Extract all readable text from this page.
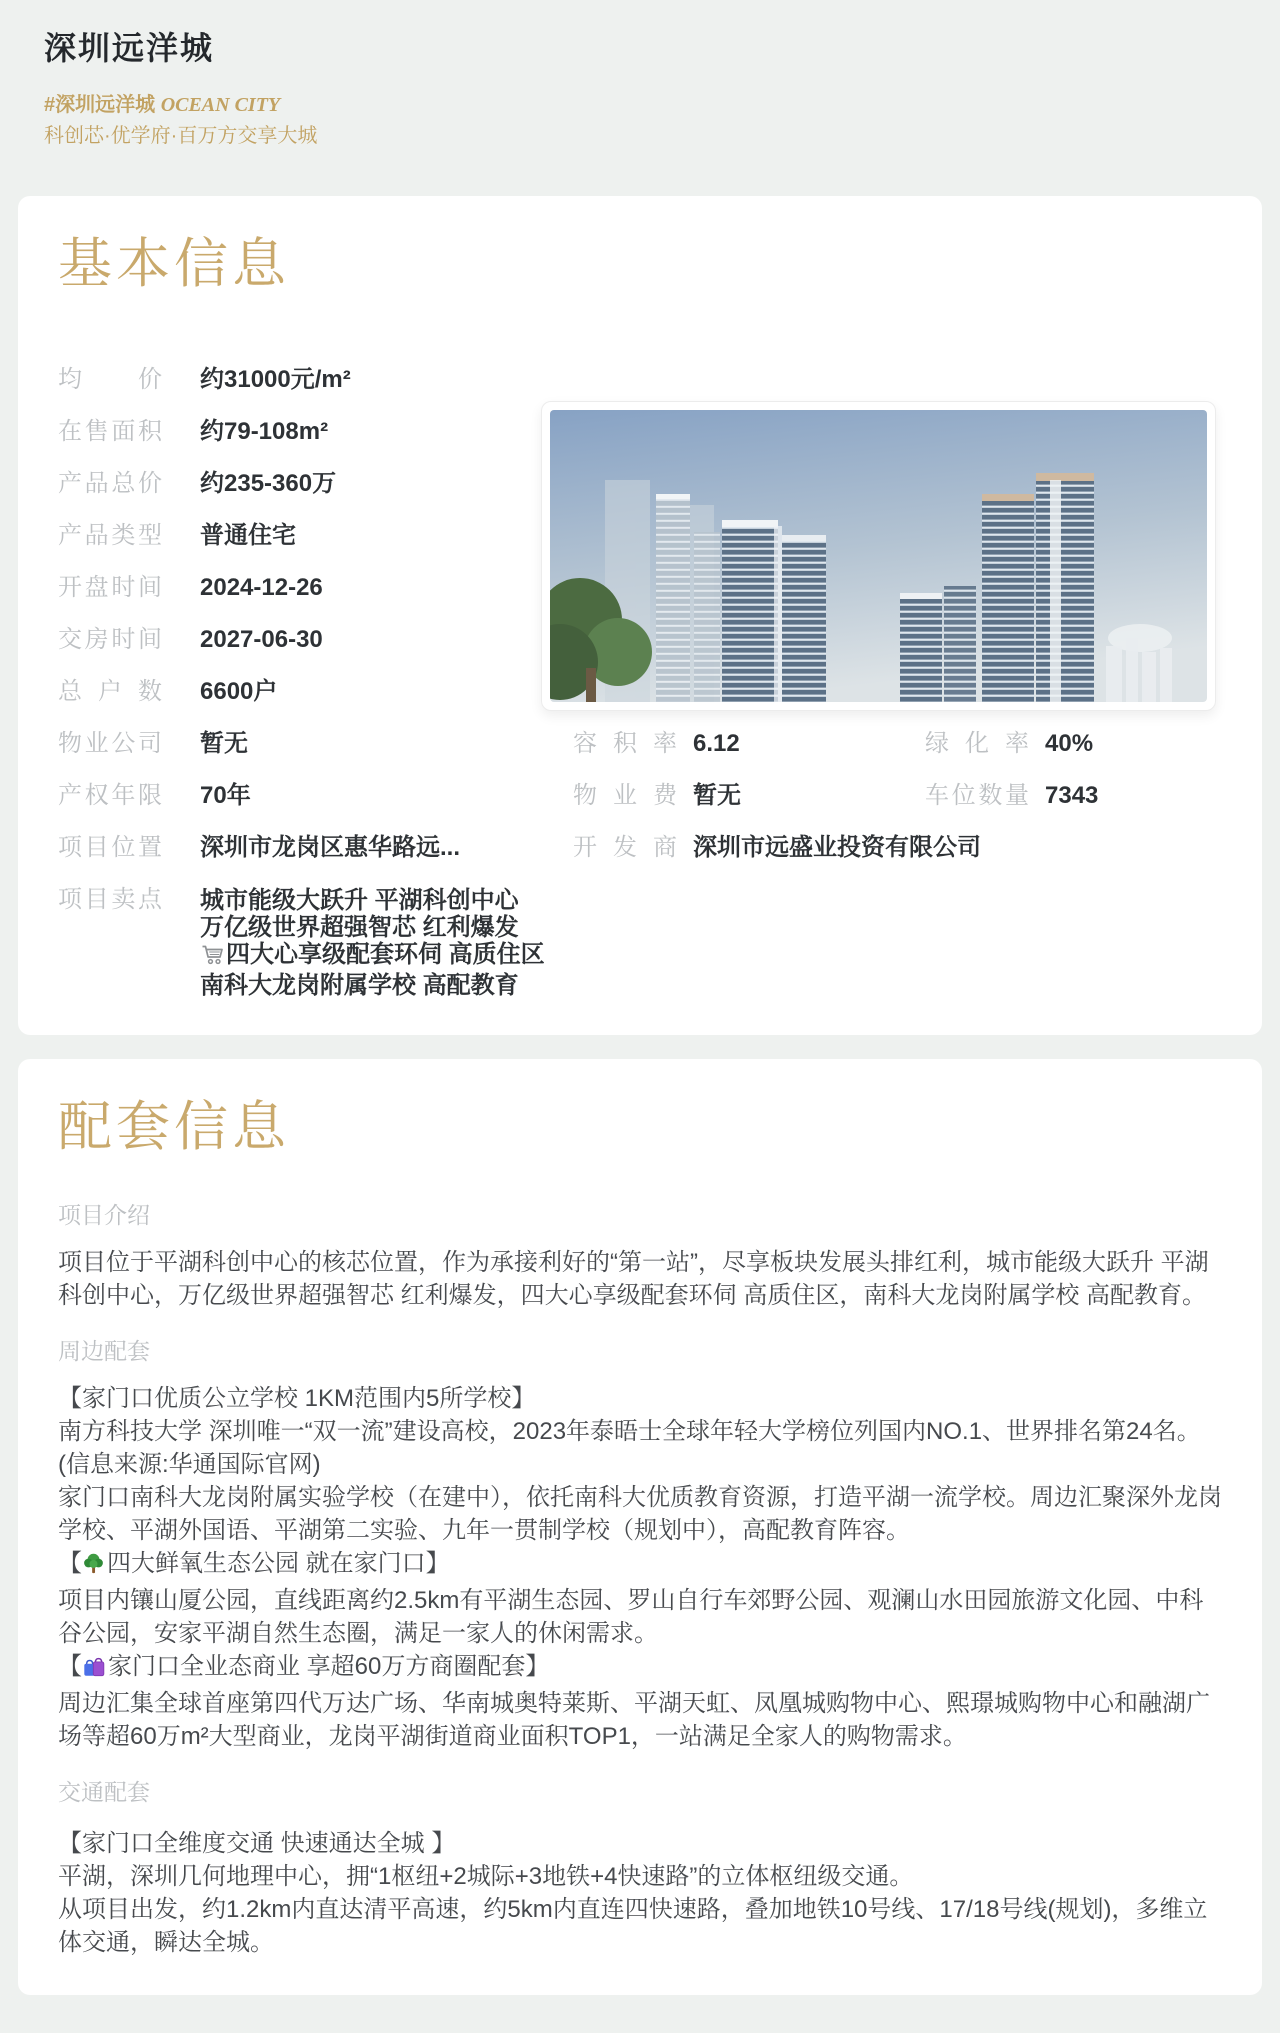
深圳远洋城
#深圳远洋城 OCEAN CITY
科创芯·优学府·百万方交享大城
基本信息
均价 约31000元/m²
在售面积 约79-108m²
产品总价 约235-360万
产品类型 普通住宅
开盘时间 2024-12-26
交房时间 2027-06-30
总户数 6600户
物业公司 暂无	容积率 6.12	绿化率 40%
产权年限 70年	物业费 暂无	车位数量 7343
项目位置 深圳市龙岗区惠华路远...	开发商 深圳市远盛业投资有限公司
项目卖点 城市能级大跃升 平湖科创中心
万亿级世界超强智芯 红利爆发
四大心享级配套环伺 高质住区
南科大龙岗附属学校 高配教育
配套信息
项目介绍
项目位于平湖科创中心的核芯位置，作为承接利好的“第一站”，尽享板块发展头排红利，城市能级大跃升 平湖科创中心，万亿级世界超强智芯 红利爆发，四大心享级配套环伺 高质住区，南科大龙岗附属学校 高配教育。
周边配套
【家门口优质公立学校 1KM范围内5所学校】
南方科技大学 深圳唯一“双一流”建设高校，2023年泰晤士全球年轻大学榜位列国内NO.1、世界排名第24名。(信息来源:华通国际官网)
家门口南科大龙岗附属实验学校（在建中），依托南科大优质教育资源，打造平湖一流学校。周边汇聚深外龙岗学校、平湖外国语、平湖第二实验、九年一贯制学校（规划中），高配教育阵容。
【 四大鲜氧生态公园 就在家门口】
项目内镶山厦公园，直线距离约2.5km有平湖生态园、罗山自行车郊野公园、观澜山水田园旅游文化园、中科谷公园，安家平湖自然生态圈，满足一家人的休闲需求。
【 家门口全业态商业 享超60万方商圈配套】
周边汇集全球首座第四代万达广场、华南城奥特莱斯、平湖天虹、凤凰城购物中心、熙璟城购物中心和融湖广场等超60万m²大型商业，龙岗平湖街道商业面积TOP1，一站满足全家人的购物需求。
交通配套
【家门口全维度交通 快速通达全城 】
平湖，深圳几何地理中心，拥“1枢纽+2城际+3地铁+4快速路”的立体枢纽级交通。
从项目出发，约1.2km内直达清平高速，约5km内直连四快速路，叠加地铁10号线、17/18号线(规划)，多维立体交通，瞬达全城。
